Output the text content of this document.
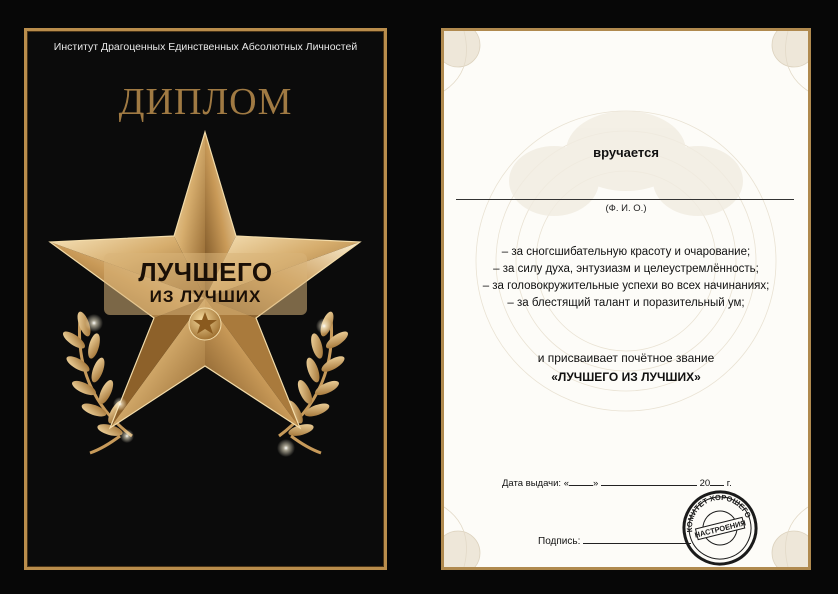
Институт Драгоценных Единственных Абсолютных Личностей
ДИПЛОМ
ЛУЧШЕГО
ИЗ ЛУЧШИХ
вручается
(Ф. И. О.)
– за сногсшибательную красоту и очарование;
– за силу духа, энтузиазм и целеустремлённость;
– за головокружительные успехи во всех начинаниях;
– за блестящий талант и поразительный ум;
и присваивает почётное звание
«ЛУЧШЕГО ИЗ ЛУЧШИХ»
Дата выдачи: «	»	20 г.
Подпись:
КОМИТЕТ ХОРОШЕГО
НАСТРОЕНИЯ
